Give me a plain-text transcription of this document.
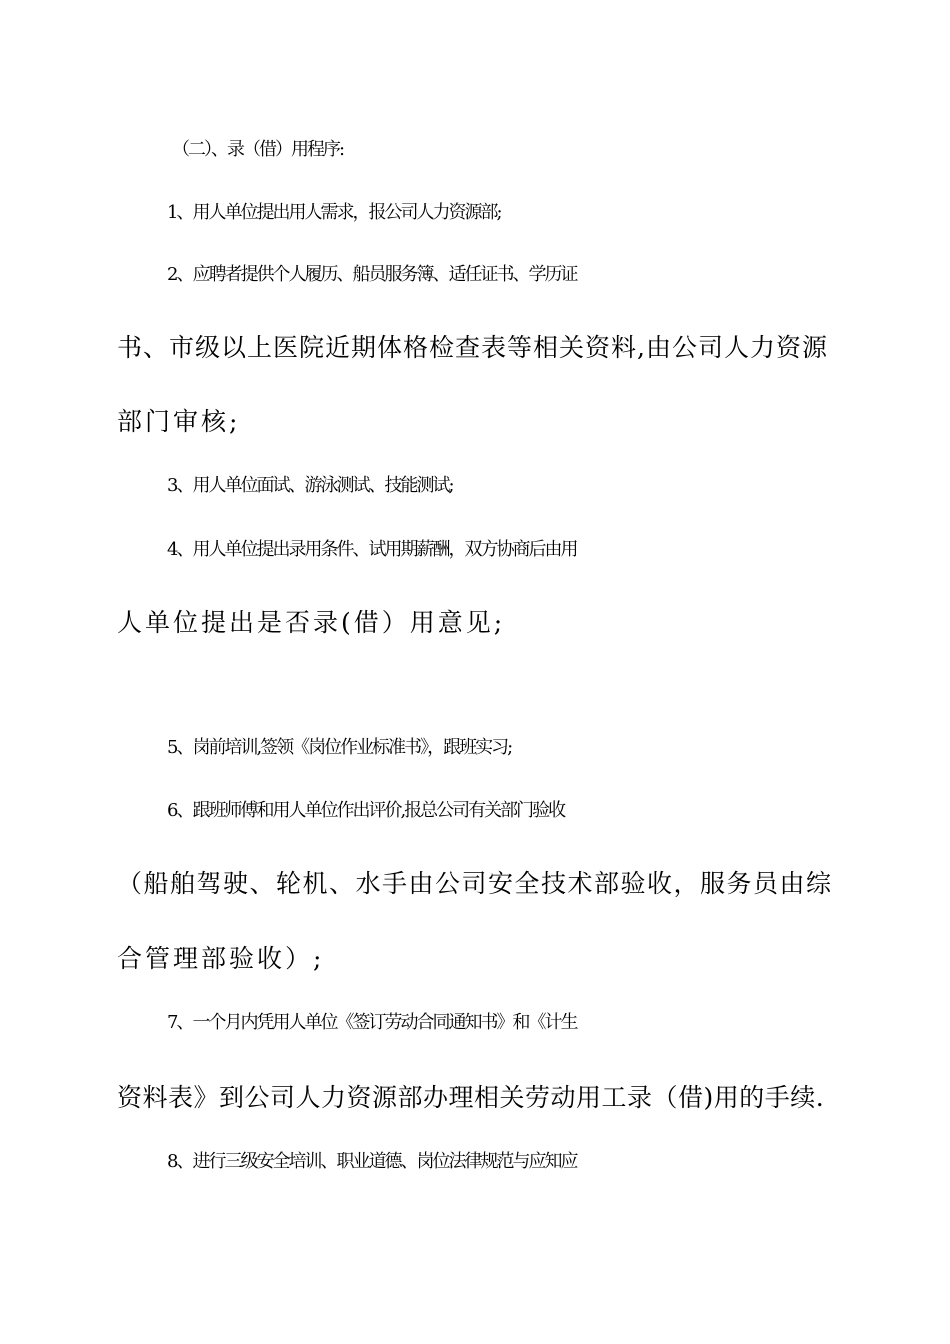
（二）、录（借）用程序:
1、用人单位提出用人需求，报公司人力资源部;
2、应聘者提供个人履历、船员服务簿、适任证书、学历证
书、市级以上医院近期体格检查表等相关资料,由公司人力资源
部门审核;
3、用人单位面试、游泳测试、技能测试;
4、用人单位提出录用条件、试用期薪酬，双方协商后由用
人单位提出是否录(借）用意见;
5、岗前培训,签领《岗位作业标准书》，跟班实习;
6、跟班师傅和用人单位作出评价,报总公司有关部门验收
（船舶驾驶、轮机、水手由公司安全技术部验收，服务员由综
合管理部验收）;
7、一个月内凭用人单位《签订劳动合同通知书》和《计生
资料表》到公司人力资源部办理相关劳动用工录（借)用的手续.
8、进行三级安全培训、职业道德、岗位法律规范与应知应
